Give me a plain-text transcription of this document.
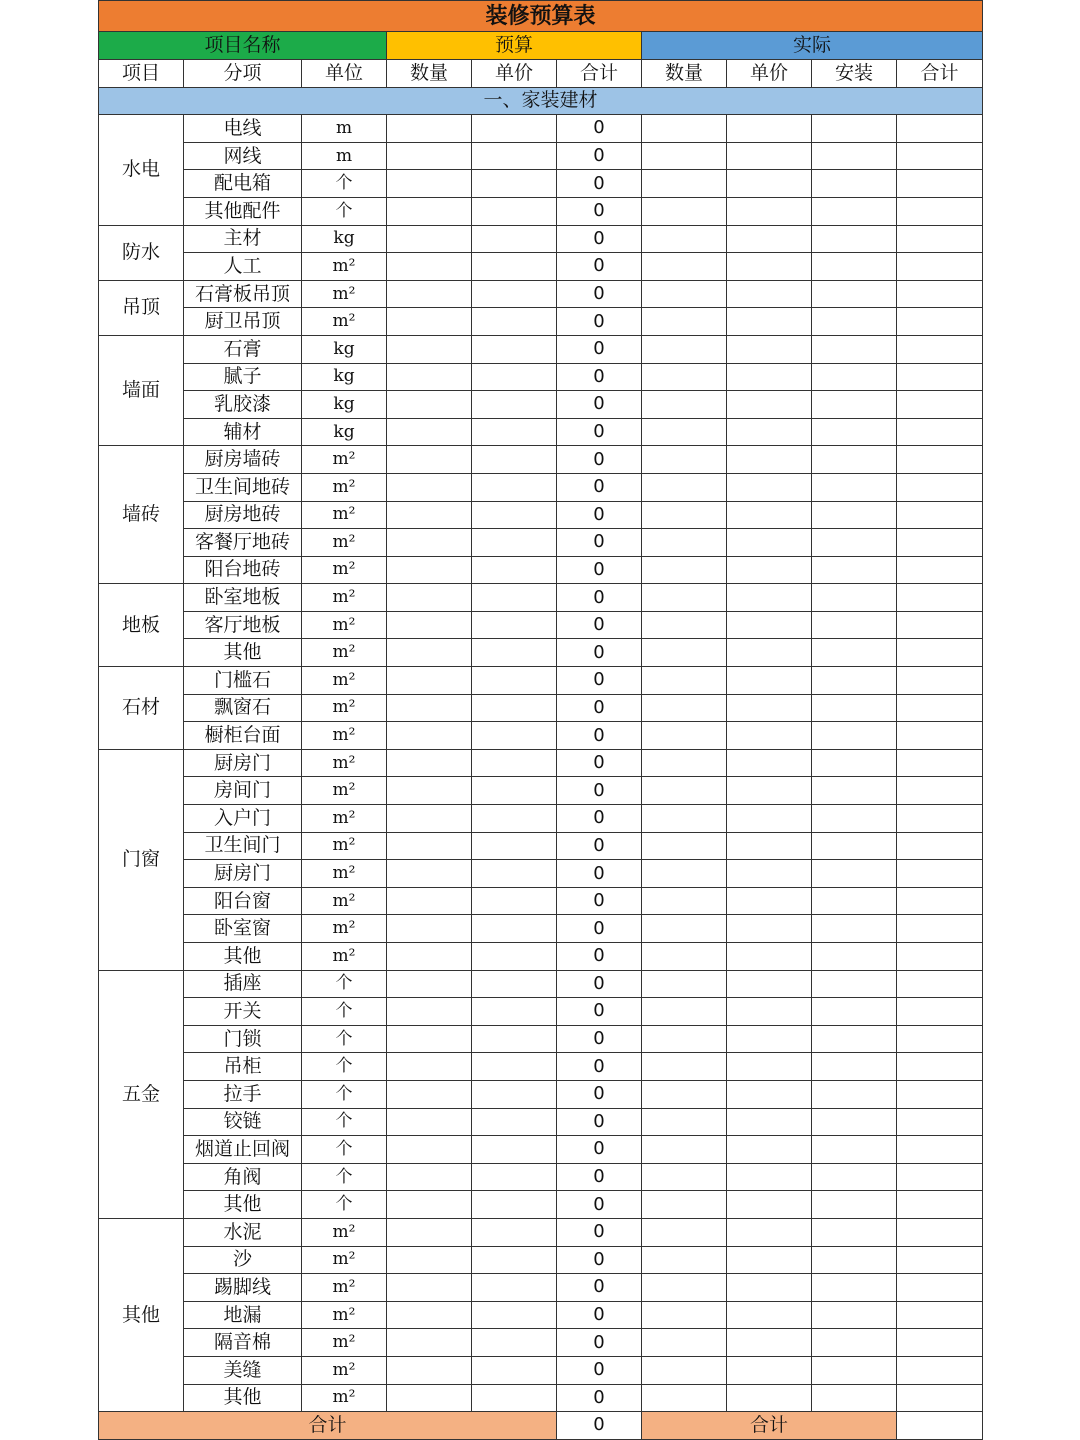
装修预算表									
项目名称			预算			实际			
项目	分项	单位	数量	单价	合计	数量	单价	安装	合计
一、家装建材									
水电	电线	m			0				
	网线	m			0				
	配电箱	个			0				
	其他配件	个			0				
防水	主材	kg			0				
	人工	m²			0				
吊顶	石膏板吊顶	m²			0				
	厨卫吊顶	m²			0				
墙面	石膏	kg			0				
	腻子	kg			0				
	乳胶漆	kg			0				
	辅材	kg			0				
墙砖	厨房墙砖	m²			0				
	卫生间地砖	m²			0				
	厨房地砖	m²			0				
	客餐厅地砖	m²			0				
	阳台地砖	m²			0				
地板	卧室地板	m²			0				
	客厅地板	m²			0				
	其他	m²			0				
石材	门槛石	m²			0				
	飘窗石	m²			0				
	橱柜台面	m²			0				
门窗	厨房门	m²			0				
	房间门	m²			0				
	入户门	m²			0				
	卫生间门	m²			0				
	厨房门	m²			0				
	阳台窗	m²			0				
	卧室窗	m²			0				
	其他	m²			0				
五金	插座	个			0				
	开关	个			0				
	门锁	个			0				
	吊柜	个			0				
	拉手	个			0				
	铰链	个			0				
	烟道止回阀	个			0				
	角阀	个			0				
	其他	个			0				
其他	水泥	m²			0				
	沙	m²			0				
	踢脚线	m²			0				
	地漏	m²			0				
	隔音棉	m²			0				
	美缝	m²			0				
	其他	m²			0				
合计					0	合计			
